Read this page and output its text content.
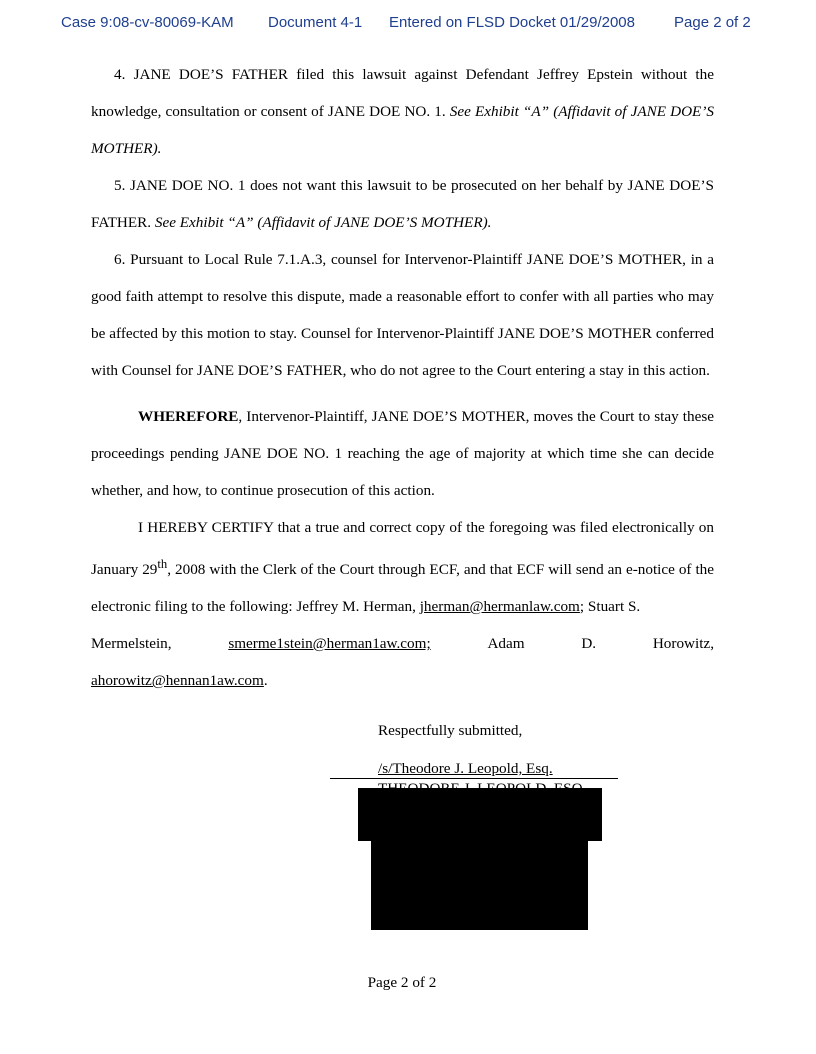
Case 9:08-cv-80069-KAM Document 4-1 Entered on FLSD Docket 01/29/2008	Page 2 of 2

4. JANE DOE’S FATHER filed this lawsuit against Defendant Jeffrey Epstein without the knowledge, consultation or consent of JANE DOE NO. 1. See Exhibit “A” (Affidavit of JANE DOE’S MOTHER).

5. JANE DOE NO. 1 does not want this lawsuit to be prosecuted on her behalf by JANE DOE’S FATHER. See Exhibit “A” (Affidavit of JANE DOE’S MOTHER).

6. Pursuant to Local Rule 7.1.A.3, counsel for Intervenor-Plaintiff JANE DOE’S MOTHER, in a good faith attempt to resolve this dispute, made a reasonable effort to confer with all parties who may be affected by this motion to stay. Counsel for Intervenor-Plaintiff JANE DOE’S MOTHER conferred with Counsel for JANE DOE’S FATHER, who do not agree to the Court entering a stay in this action.

WHEREFORE, Intervenor-Plaintiff, JANE DOE’S MOTHER, moves the Court to stay these proceedings pending JANE DOE NO. 1 reaching the age of majority at which time she can decide whether, and how, to continue prosecution of this action.

I HEREBY CERTIFY that a true and correct copy of the foregoing was filed electronically on January 29th, 2008 with the Clerk of the Court through ECF, and that ECF will send an e-notice of the electronic filing to the following: Jeffrey M. Herman, jherman@hermanlaw.com; Stuart S.

Mermelstein,	smerme1stein@herman1aw.com;	Adam	D.	Horowitz,

ahorowitz@hennan1aw.com.

Respectfully submitted,
/s/Theodore J. Leopold, Esq.
Page 2 of 2
